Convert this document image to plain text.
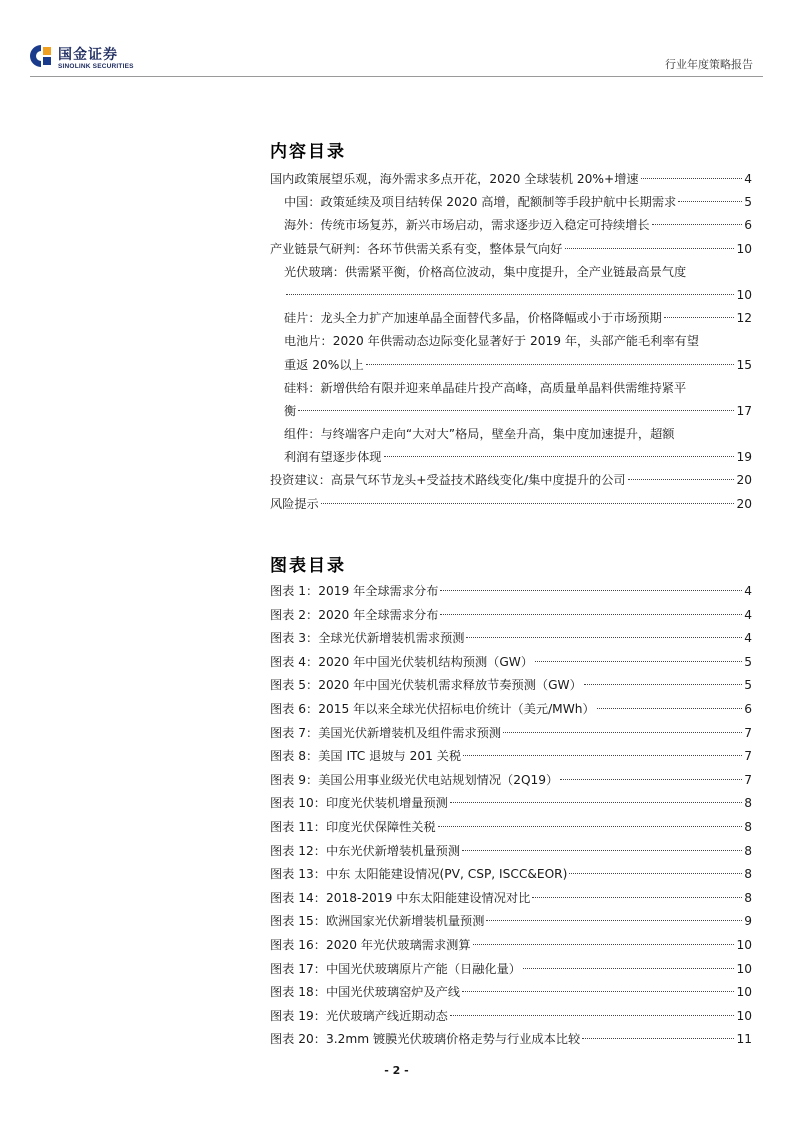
国金证券
SINOLINK SECURITIES	行业年度策略报告
内容目录
国内政策展望乐观，海外需求多点开花，2020 全球装机 20%+增速	4
中国：政策延续及项目结转保 2020 高增，配额制等手段护航中长期需求	5
海外：传统市场复苏，新兴市场启动，需求逐步迈入稳定可持续增长	6
产业链景气研判：各环节供需关系有变，整体景气向好	10
光伏玻璃：供需紧平衡，价格高位波动，集中度提升，全产业链最高景气度
10
硅片：龙头全力扩产加速单晶全面替代多晶，价格降幅或小于市场预期	12
电池片：2020 年供需动态边际变化显著好于 2019 年，头部产能毛利率有望
重返 20%以上	15
硅料：新增供给有限并迎来单晶硅片投产高峰，高质量单晶料供需维持紧平
衡	17
组件：与终端客户走向“大对大”格局，壁垒升高，集中度加速提升，超额
利润有望逐步体现	19
投资建议：高景气环节龙头+受益技术路线变化/集中度提升的公司	20
风险提示	20
图表目录
图表 1：2019 年全球需求分布	4
图表 2：2020 年全球需求分布	4
图表 3：全球光伏新增装机需求预测	4
图表 4：2020 年中国光伏装机结构预测（GW）	5
图表 5：2020 年中国光伏装机需求释放节奏预测（GW）	5
图表 6：2015 年以来全球光伏招标电价统计（美元/MWh）	6
图表 7：美国光伏新增装机及组件需求预测	7
图表 8：美国 ITC 退坡与 201 关税	7
图表 9：美国公用事业级光伏电站规划情况（2Q19）	7
图表 10：印度光伏装机增量预测	8
图表 11：印度光伏保障性关税	8
图表 12：中东光伏新增装机量预测	8
图表 13：中东 太阳能建设情况(PV, CSP, ISCC&EOR)	8
图表 14：2018-2019 中东太阳能建设情况对比	8
图表 15：欧洲国家光伏新增装机量预测	9
图表 16：2020 年光伏玻璃需求测算	10
图表 17：中国光伏玻璃原片产能（日融化量）	10
图表 18：中国光伏玻璃窑炉及产线	10
图表 19：光伏玻璃产线近期动态	10
图表 20：3.2mm 镀膜光伏玻璃价格走势与行业成本比较	11
- 2 -
